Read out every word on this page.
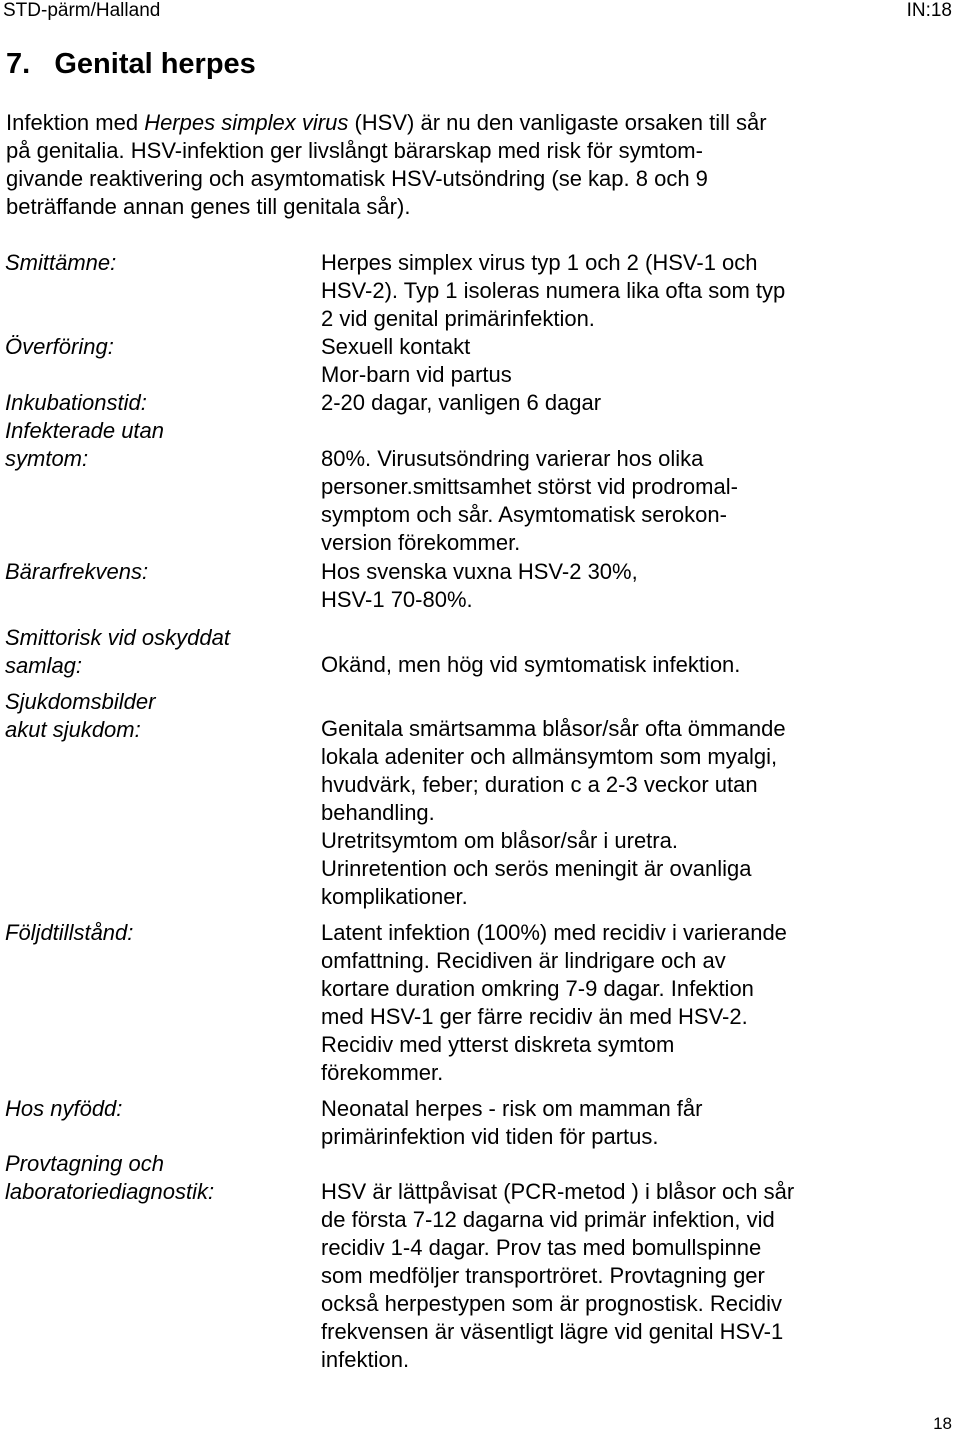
STD-pärm/Halland	IN:18
7.   Genital herpes

Infektion med Herpes simplex virus (HSV) är nu den vanligaste orsaken till sår
på genitalia. HSV-infektion ger livslångt bärarskap med risk för symtom-
givande reaktivering och asymtomatisk HSV-utsöndring (se kap. 8 och 9
beträffande annan genes till genitala sår).

Smittämne:	Herpes simplex virus typ 1 och 2 (HSV-1 och
HSV-2). Typ 1 isoleras numera lika ofta som typ
2 vid genital primärinfektion.
Överföring:	Sexuell kontakt
Mor-barn vid partus
Inkubationstid:	2-20 dagar, vanligen 6 dagar
Infekterade utan
symtom:	80%. Virusutsöndring varierar hos olika
personer.smittsamhet störst vid prodromal-
symptom och sår. Asymtomatisk serokon-
version förekommer.
Bärarfrekvens:	Hos svenska vuxna HSV-2 30%,
HSV-1 70-80%.
Smittorisk vid oskyddat
samlag:	Okänd, men hög vid symtomatisk infektion.
Sjukdomsbilder
akut sjukdom:	Genitala smärtsamma blåsor/sår ofta ömmande
lokala adeniter och allmänsymtom som myalgi,
hvudvärk, feber; duration c a 2-3 veckor utan
behandling.
Uretritsymtom om blåsor/sår i uretra.
Urinretention och serös meningit är ovanliga
komplikationer.
Följdtillstånd:	Latent infektion (100%) med recidiv i varierande
omfattning. Recidiven är lindrigare och av
kortare duration omkring 7-9 dagar. Infektion
med HSV-1 ger färre recidiv än med HSV-2.
Recidiv med ytterst diskreta symtom
förekommer.
Hos nyfödd:	Neonatal herpes - risk om mamman får
primärinfektion vid tiden för partus.
Provtagning och
laboratoriediagnostik:	HSV är lättpåvisat (PCR-metod ) i blåsor och sår
de första 7-12 dagarna vid primär infektion, vid
recidiv 1-4 dagar. Prov tas med bomullspinne
som medföljer transportröret. Provtagning ger
också herpestypen som är prognostisk. Recidiv
frekvensen är väsentligt lägre vid genital HSV-1
infektion.
18
